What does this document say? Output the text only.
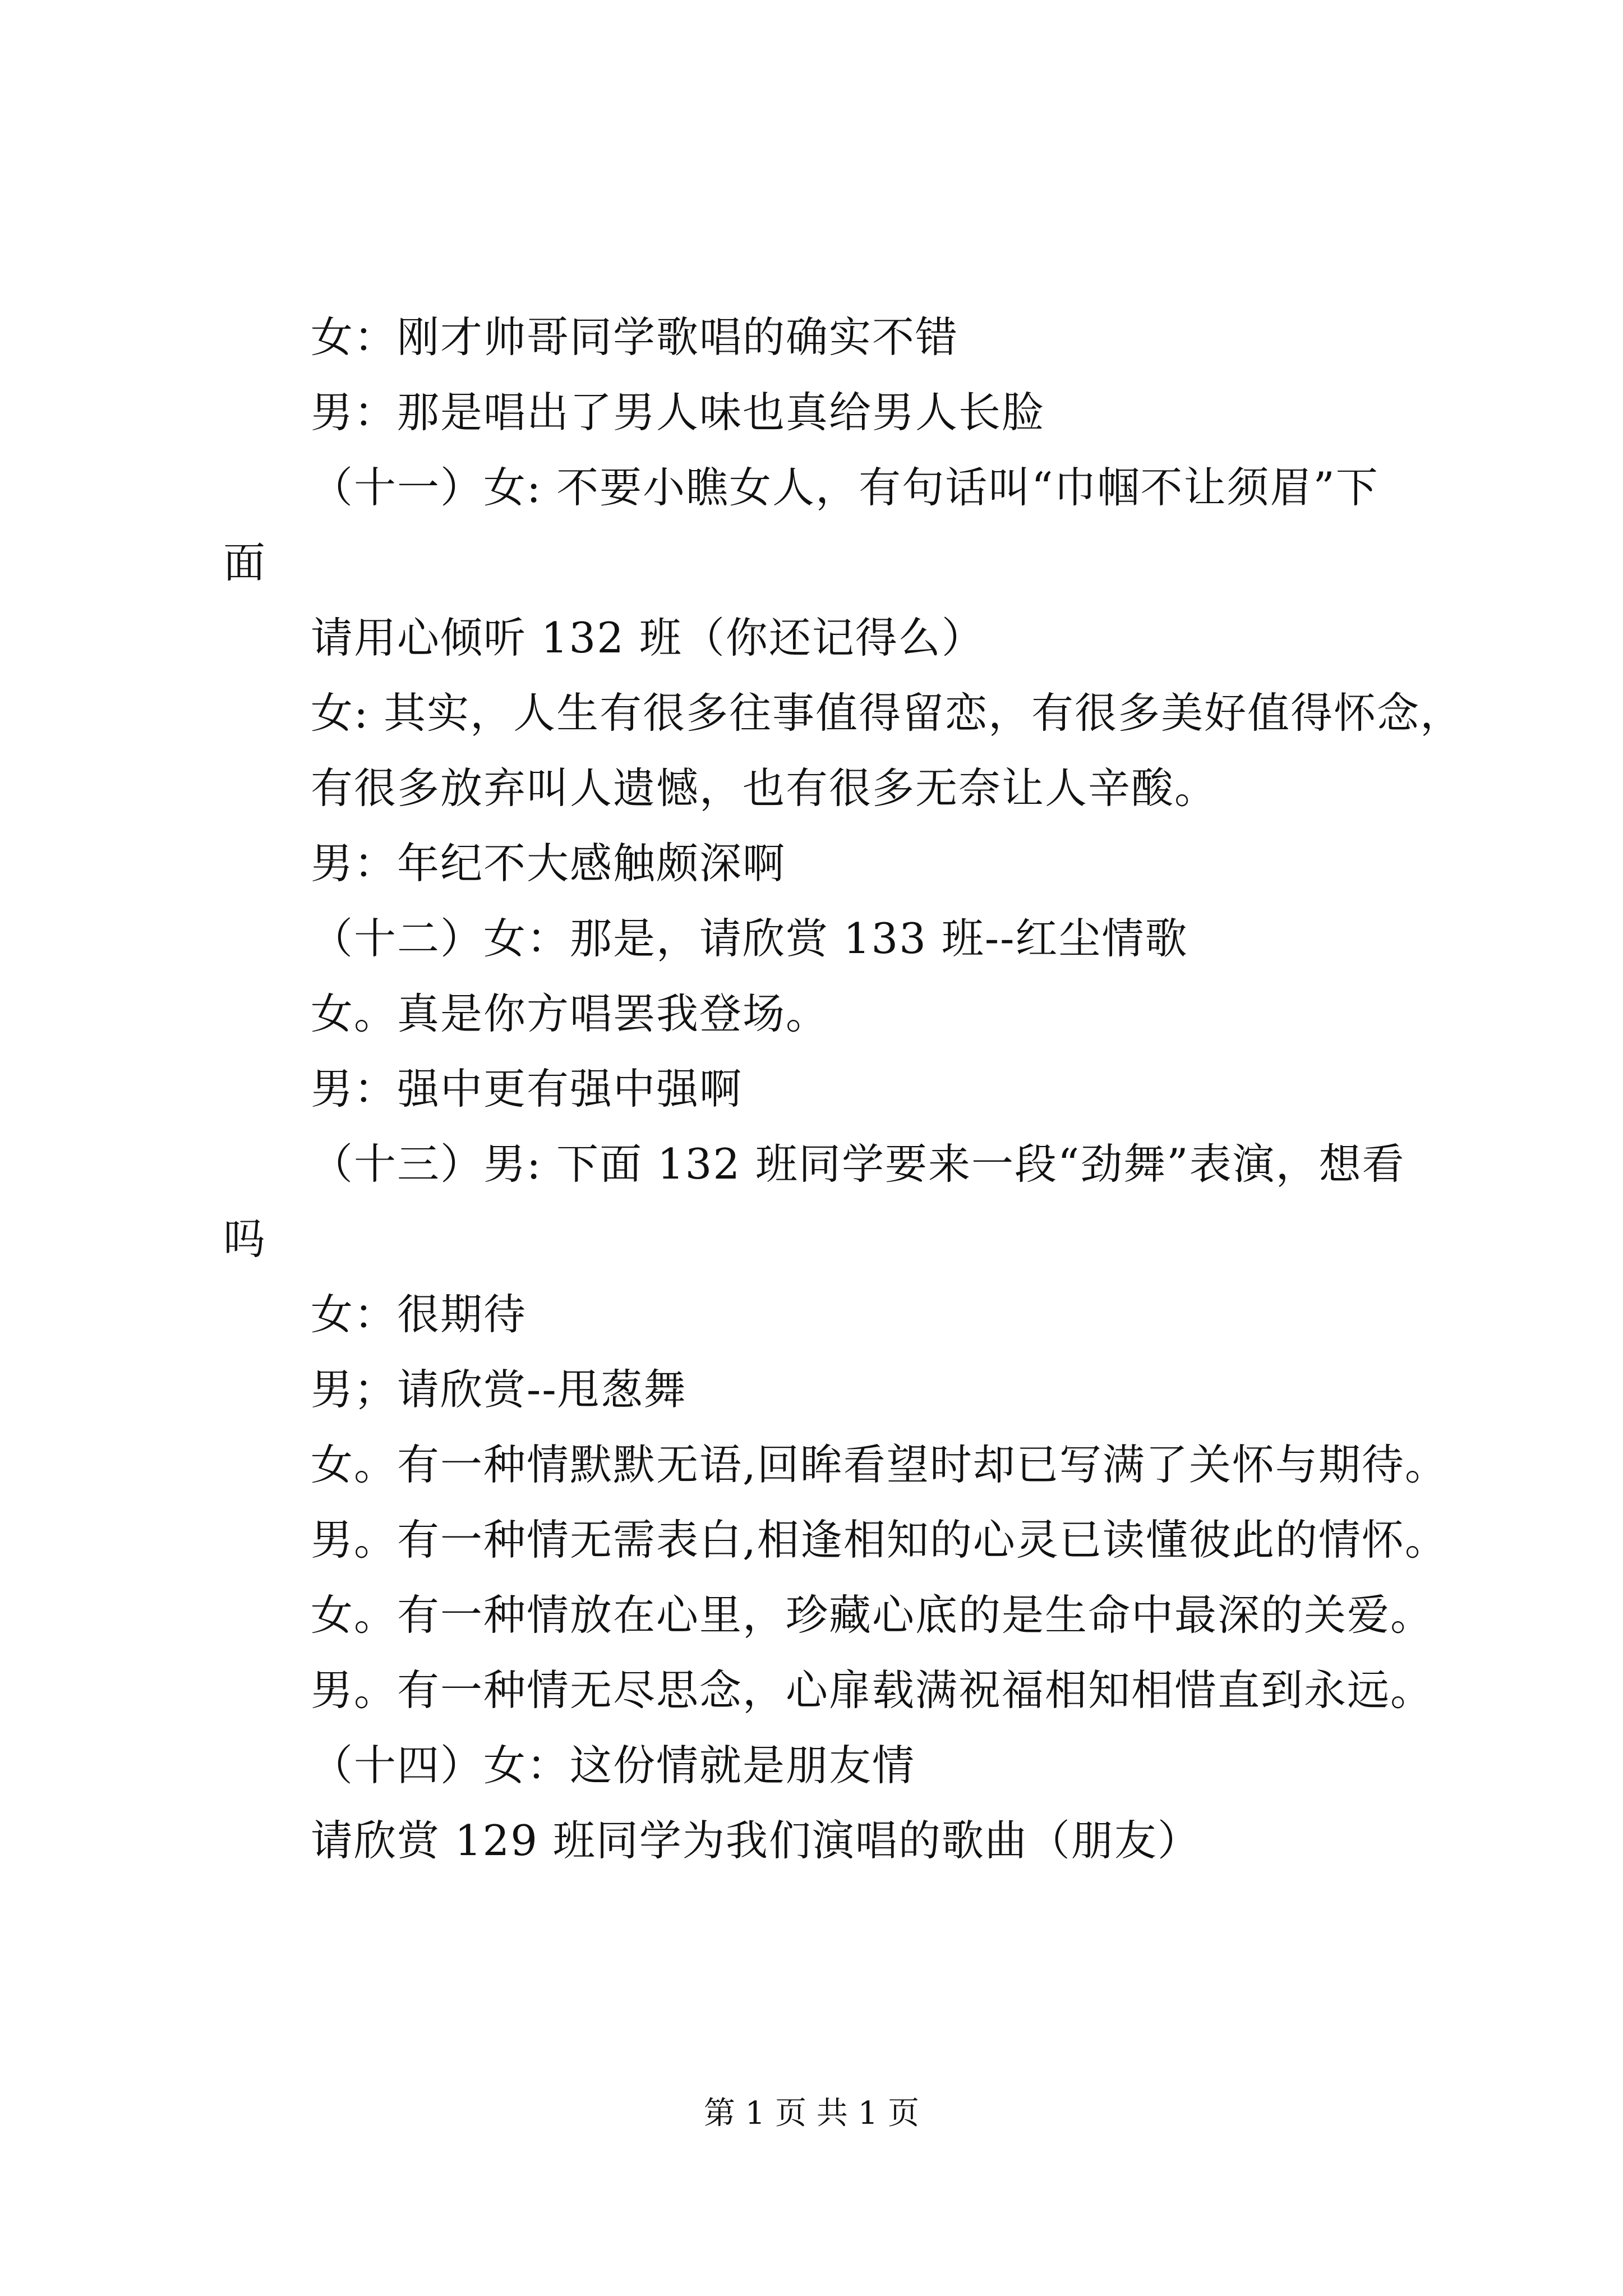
女：刚才帅哥同学歌唱的确实不错
男：那是唱出了男人味也真给男人长脸
（十一）女: 不要小瞧女人，有句话叫“巾帼不让须眉”下
面
请用心倾听 132 班（你还记得么）
女: 其实，人生有很多往事值得留恋，有很多美好值得怀念，
有很多放弃叫人遗憾，也有很多无奈让人辛酸。
男：年纪不大感触颇深啊
（十二）女：那是，请欣赏 133 班--红尘情歌
女。真是你方唱罢我登场。
男：强中更有强中强啊
（十三）男: 下面 132 班同学要来一段“劲舞”表演，想看
吗
女：很期待
男；请欣赏--甩葱舞
女。有一种情默默无语,回眸看望时却已写满了关怀与期待。
男。有一种情无需表白,相逢相知的心灵已读懂彼此的情怀。
女。有一种情放在心里，珍藏心底的是生命中最深的关爱。
男。有一种情无尽思念，心扉载满祝福相知相惜直到永远。
（十四）女：这份情就是朋友情
请欣赏 129 班同学为我们演唱的歌曲（朋友）
第 1 页 共 1 页
